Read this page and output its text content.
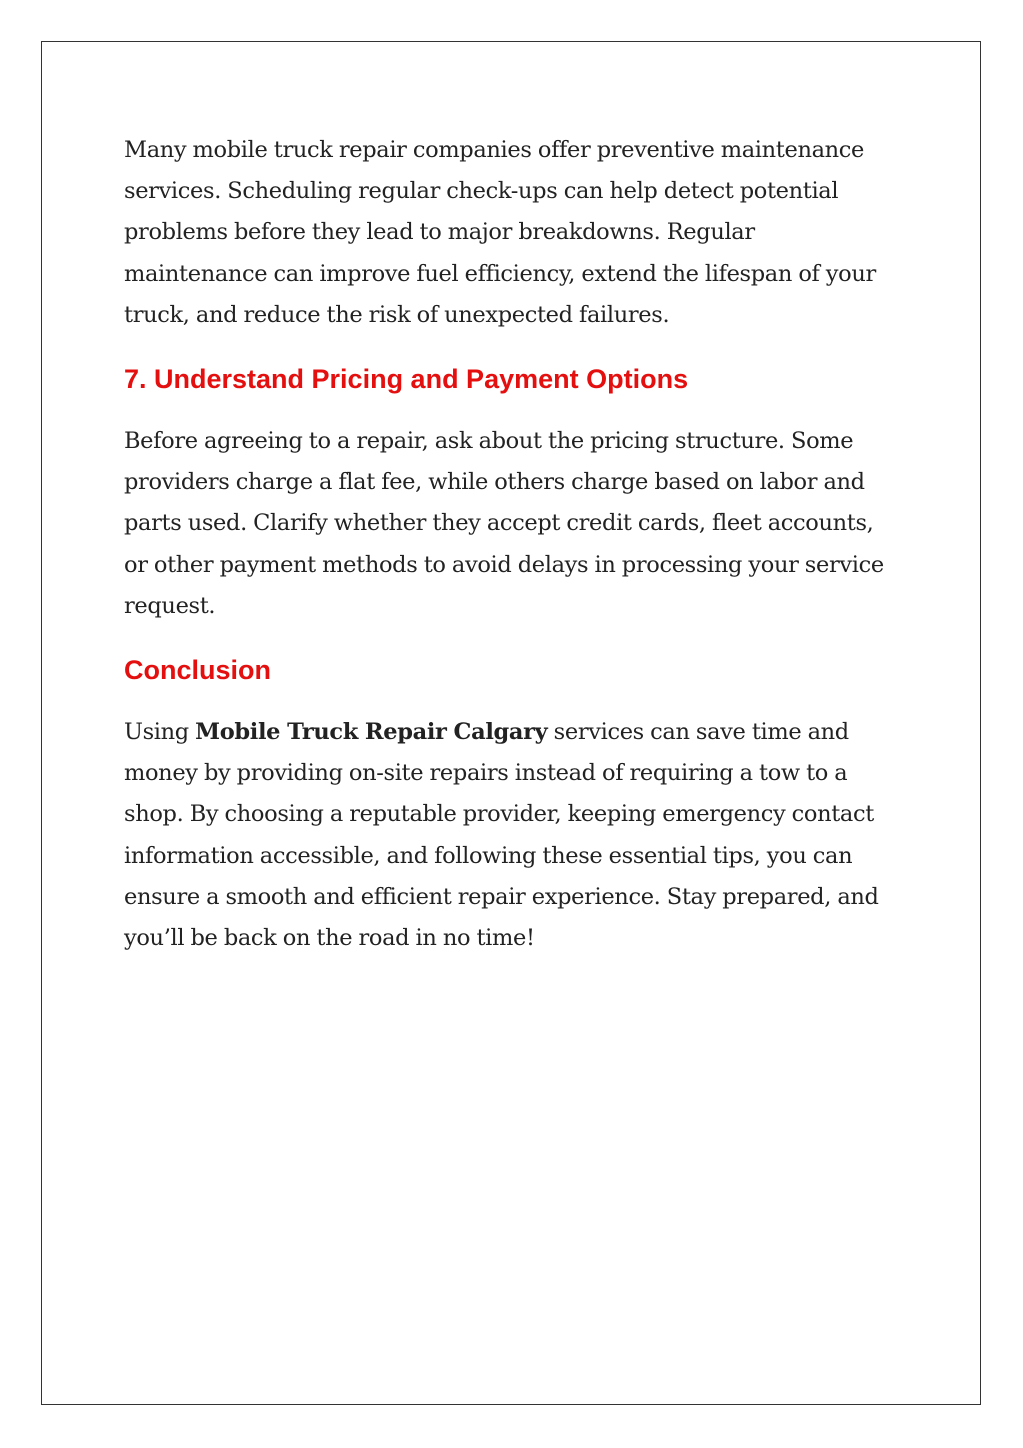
Many mobile truck repair companies offer preventive maintenance
services. Scheduling regular check-ups can help detect potential
problems before they lead to major breakdowns. Regular
maintenance can improve fuel efficiency, extend the lifespan of your
truck, and reduce the risk of unexpected failures.

7. Understand Pricing and Payment Options

Before agreeing to a repair, ask about the pricing structure. Some
providers charge a flat fee, while others charge based on labor and
parts used. Clarify whether they accept credit cards, fleet accounts,
or other payment methods to avoid delays in processing your service
request.

Conclusion

Using Mobile Truck Repair Calgary services can save time and
money by providing on-site repairs instead of requiring a tow to a
shop. By choosing a reputable provider, keeping emergency contact
information accessible, and following these essential tips, you can
ensure a smooth and efficient repair experience. Stay prepared, and
you’ll be back on the road in no time!
